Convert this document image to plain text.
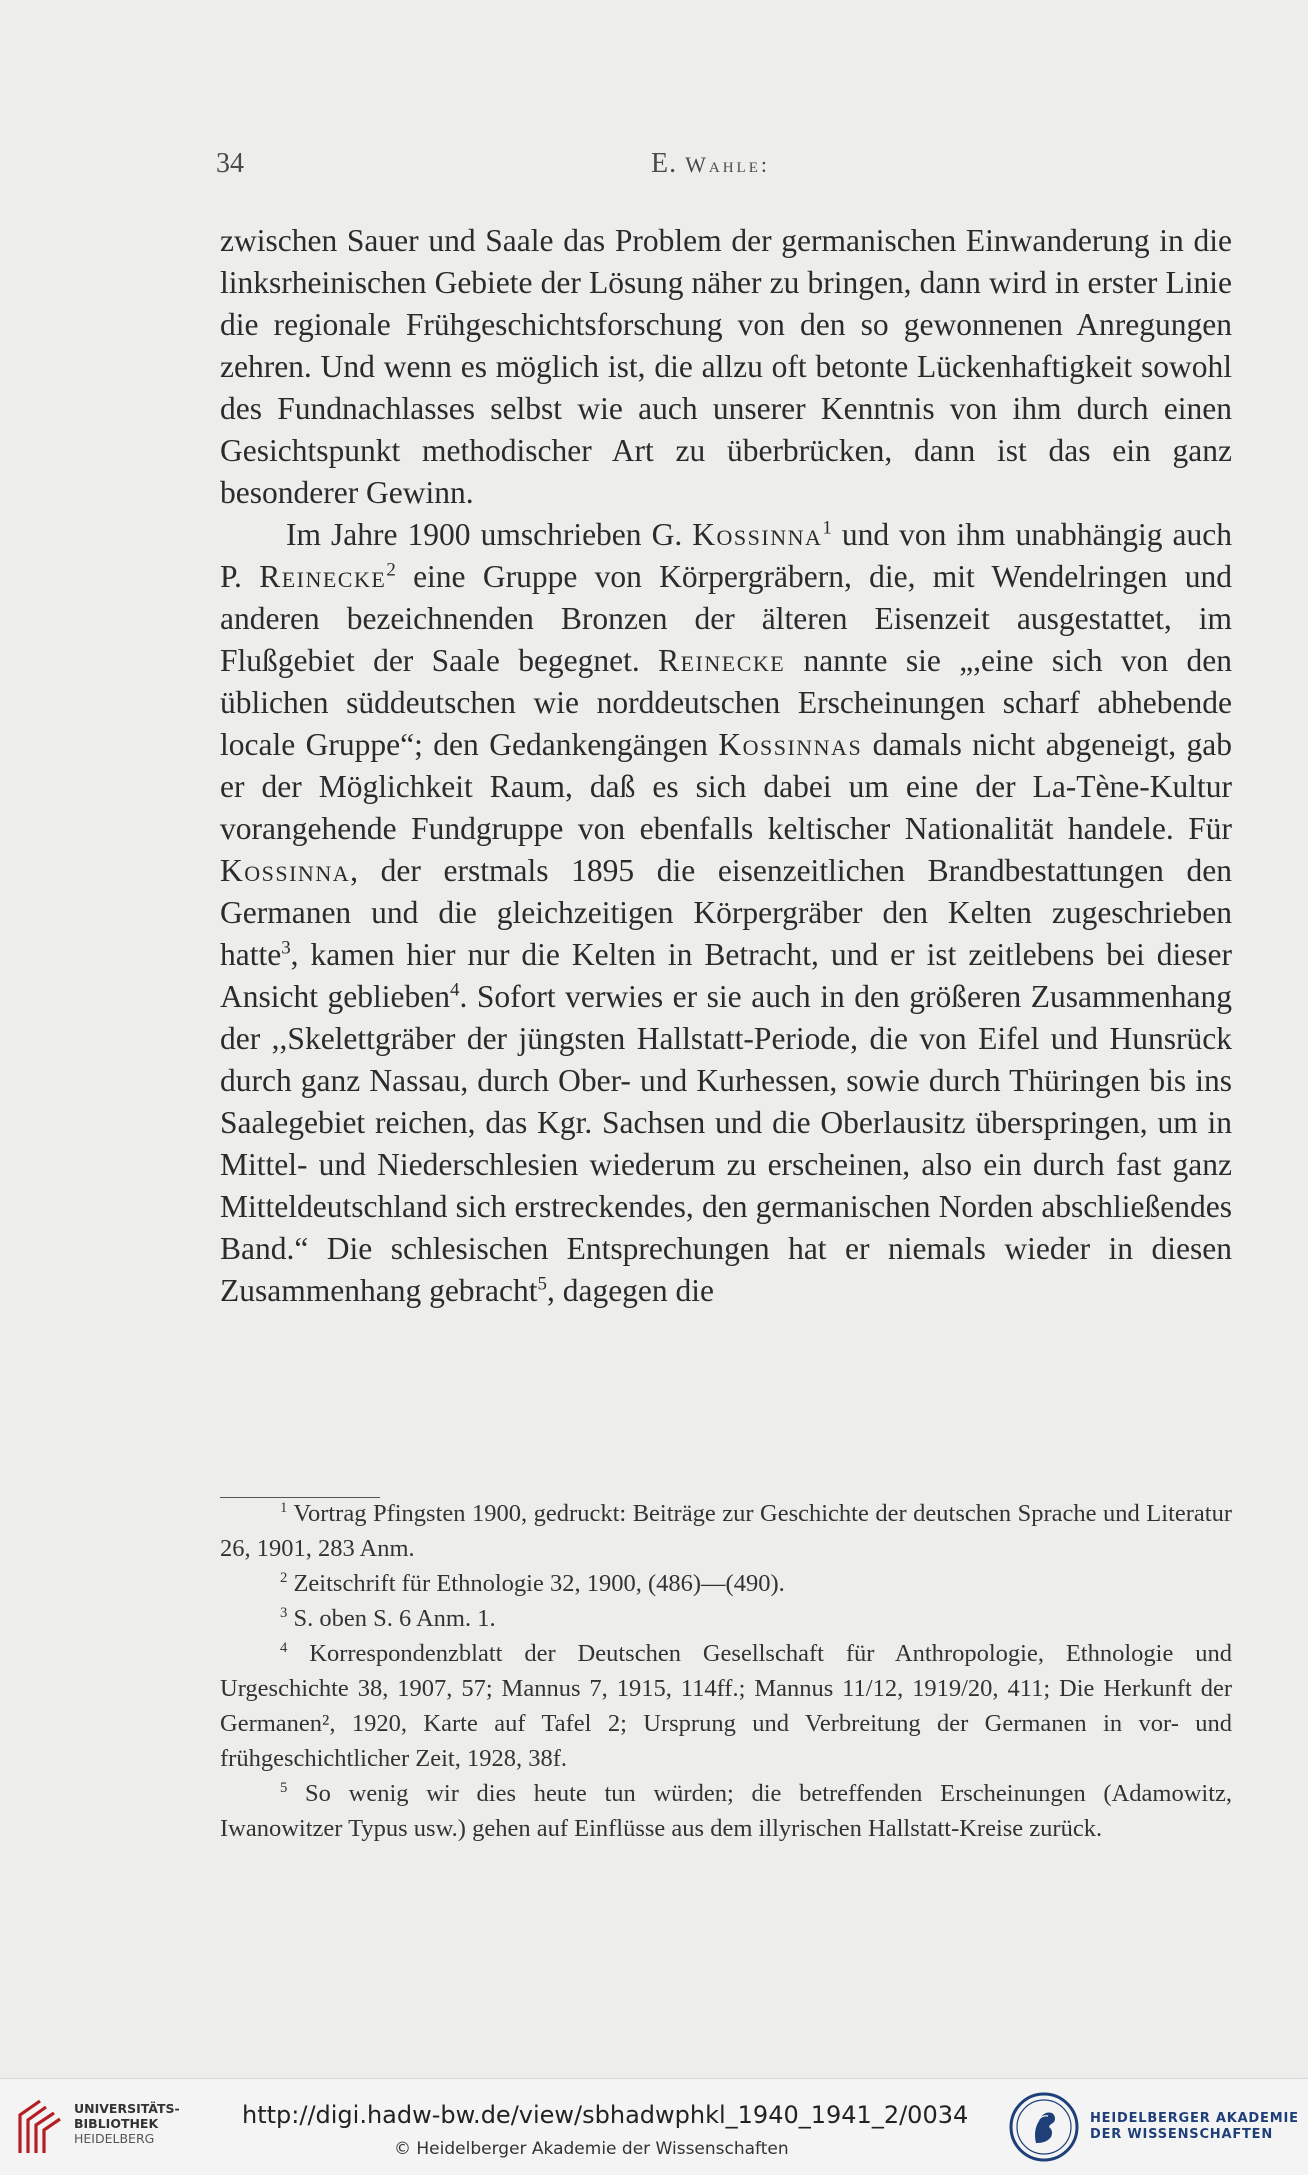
34	E. Wahle:

zwischen Sauer und Saale das Problem der germanischen Einwanderung in die linksrheinischen Gebiete der Lösung näher zu bringen, dann wird in erster Linie die regionale Frühgeschichtsforschung von den so gewonnenen Anregungen zehren. Und wenn es möglich ist, die allzu oft betonte Lückenhaftigkeit sowohl des Fundnachlasses selbst wie auch unserer Kenntnis von ihm durch einen Gesichtspunkt methodischer Art zu überbrücken, dann ist das ein ganz besonderer Gewinn.

Im Jahre 1900 umschrieben G. Kossinna$^1$ und von ihm unabhängig auch P. Reinecke$^2$ eine Gruppe von Körpergräbern, die, mit Wendelringen und anderen bezeichnenden Bronzen der älteren Eisenzeit ausgestattet, im Flußgebiet der Saale begegnet. Reinecke nannte sie „,eine sich von den üblichen süddeutschen wie norddeutschen Erscheinungen scharf abhebende locale Gruppe“; den Gedankengängen Kossinnas damals nicht abgeneigt, gab er der Möglichkeit Raum, daß es sich dabei um eine der La-Tène-Kultur vorangehende Fundgruppe von ebenfalls keltischer Nationalität handele. Für Kossinna, der erstmals 1895 die eisenzeitlichen Brandbestattungen den Germanen und die gleichzeitigen Körpergräber den Kelten zugeschrieben hatte$^3$, kamen hier nur die Kelten in Betracht, und er ist zeitlebens bei dieser Ansicht geblieben$^4$. Sofort verwies er sie auch in den größeren Zusammenhang der ,,Skelettgräber der jüngsten Hallstatt-Periode, die von Eifel und Hunsrück durch ganz Nassau, durch Ober- und Kurhessen, sowie durch Thüringen bis ins Saalegebiet reichen, das Kgr. Sachsen und die Oberlausitz überspringen, um in Mittel- und Niederschlesien wiederum zu erscheinen, also ein durch fast ganz Mitteldeutschland sich erstreckendes, den germanischen Norden abschließendes Band.“ Die schlesischen Entsprechungen hat er niemals wieder in diesen Zusammenhang gebracht$^5$, dagegen die

$^1$ Vortrag Pfingsten 1900, gedruckt: Beiträge zur Geschichte der deutschen Sprache und Literatur 26, 1901, 283 Anm.

$^2$ Zeitschrift für Ethnologie 32, 1900, (486)—(490).

$^3$ S. oben S. 6 Anm. 1.

$^4$ Korrespondenzblatt der Deutschen Gesellschaft für Anthropologie, Ethnologie und Urgeschichte 38, 1907, 57; Mannus 7, 1915, 114ff.; Mannus 11/12, 1919/20, 411; Die Herkunft der Germanen², 1920, Karte auf Tafel 2; Ursprung und Verbreitung der Germanen in vor- und frühgeschichtlicher Zeit, 1928, 38f.

$^5$ So wenig wir dies heute tun würden; die betreffenden Erscheinungen (Adamowitz, Iwanowitzer Typus usw.) gehen auf Einflüsse aus dem illyrischen Hallstatt-Kreise zurück.

UNIVERSITÄTS-
BIBLIOTHEK
HEIDELBERG
http://digi.hadw-bw.de/view/sbhadwphkl_1940_1941_2/0034
© Heidelberger Akademie der Wissenschaften
HEIDELBERGER AKADEMIE
DER WISSENSCHAFTEN
